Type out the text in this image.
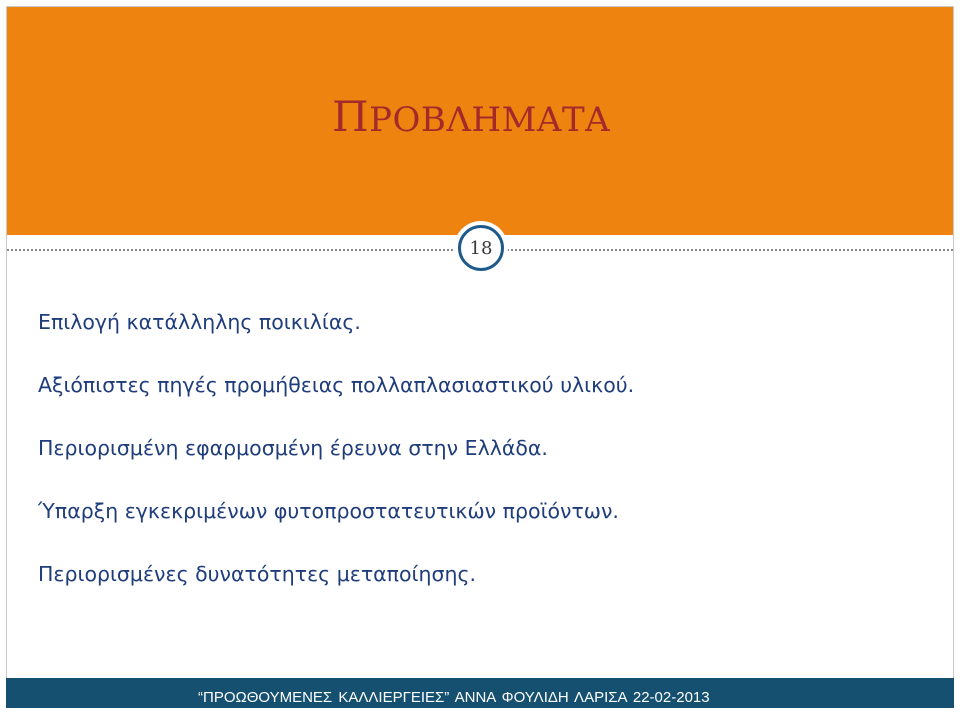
ΠΡΟΒΛΗΜΑΤΑ
18
Επιλογή κατάλληλης ποικιλίας.
Αξιόπιστες πηγές προμήθειας πολλαπλασιαστικού υλικού.
Περιορισμένη εφαρμοσμένη έρευνα στην Ελλάδα.
Ύπαρξη εγκεκριμένων φυτοπροστατευτικών προϊόντων.
Περιορισμένες δυνατότητες μεταποίησης.
“ΠΡΟΩΘΟΥΜΕΝΕΣ ΚΑΛΛΙΕΡΓΕΙΕΣ” ΑΝΝΑ ΦΟΥΛΙΔΗ ΛΑΡΙΣΑ 22-02-2013
